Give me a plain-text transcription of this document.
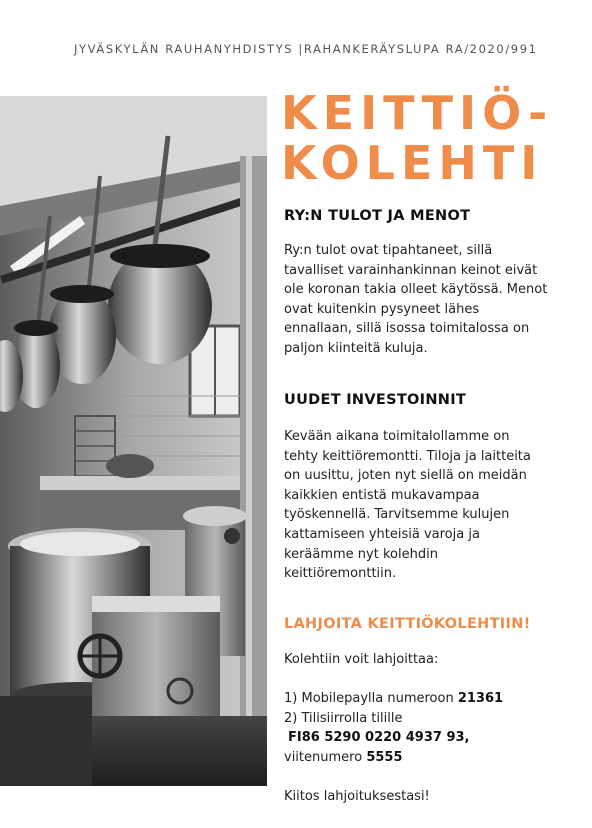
JYVÄSKYLÄN RAUHANYHDISTYS |RAHANKERÄYSLUPA RA/2020/991
KEITTIÖ-
KOLEHTI
RY:N TULOT JA MENOT
Ry:n tulot ovat tipahtaneet, sillä
tavalliset varainhankinnan keinot eivät
ole koronan takia olleet käytössä. Menot
ovat kuitenkin pysyneet lähes
ennallaan, sillä isossa toimitalossa on
paljon kiinteitä kuluja.
UUDET INVESTOINNIT
Kevään aikana toimitalollamme on
tehty keittiöremontti. Tiloja ja laitteita
on uusittu, joten nyt siellä on meidän
kaikkien entistä mukavampaa
työskennellä. Tarvitsemme kulujen
kattamiseen yhteisiä varoja ja
keräämme nyt kolehdin
keittiöremonttiin.
LAHJOITA KEITTIÖKOLEHTIIN!
Kolehtiin voit lahjoittaa:
1) Mobilepaylla numeroon 21361
2) Tilisiirrolla tilille
FI86 5290 0220 4937 93,
viitenumero 5555
Kiitos lahjoituksestasi!
